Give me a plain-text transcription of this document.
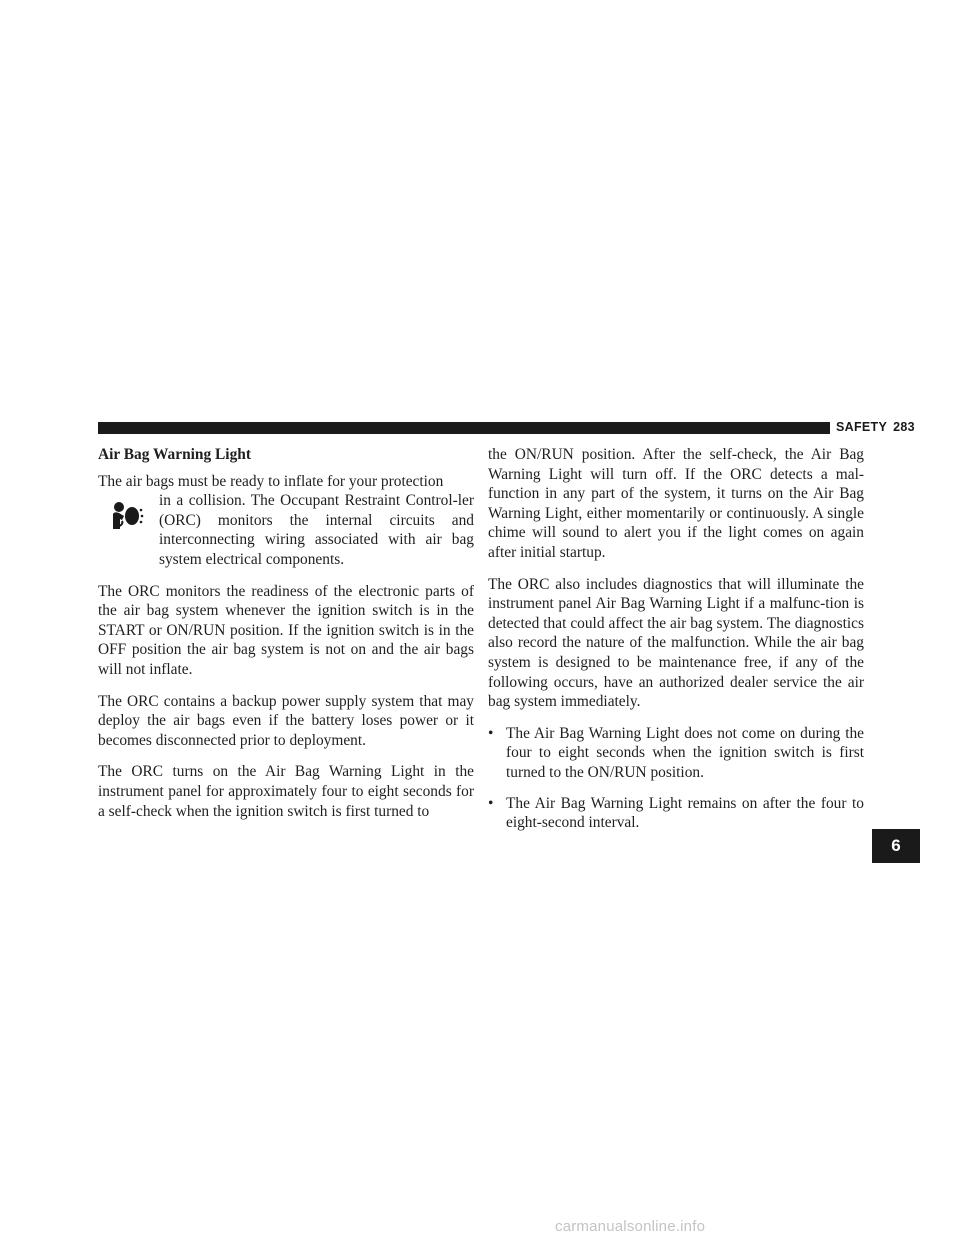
SAFETY 283
Air Bag Warning Light
The air bags must be ready to inflate for your protection

in a collision. The Occupant Restraint Control-ler (ORC) monitors the internal circuits and interconnecting wiring associated with air bag system electrical components.

The ORC monitors the readiness of the electronic parts of the air bag system whenever the ignition switch is in the START or ON/RUN position. If the ignition switch is in the OFF position the air bag system is not on and the air bags will not inflate.

The ORC contains a backup power supply system that may deploy the air bags even if the battery loses power or it becomes disconnected prior to deployment.

The ORC turns on the Air Bag Warning Light in the instrument panel for approximately four to eight seconds for a self-check when the ignition switch is first turned to

the ON/RUN position. After the self-check, the Air Bag Warning Light will turn off. If the ORC detects a mal-function in any part of the system, it turns on the Air Bag Warning Light, either momentarily or continuously. A single chime will sound to alert you if the light comes on again after initial startup.

The ORC also includes diagnostics that will illuminate the instrument panel Air Bag Warning Light if a malfunc-tion is detected that could affect the air bag system. The diagnostics also record the nature of the malfunction. While the air bag system is designed to be maintenance free, if any of the following occurs, have an authorized dealer service the air bag system immediately.

• The Air Bag Warning Light does not come on during the four to eight seconds when the ignition switch is first turned to the ON/RUN position.
• The Air Bag Warning Light remains on after the four to eight-second interval.
6
carmanualsonline.info
